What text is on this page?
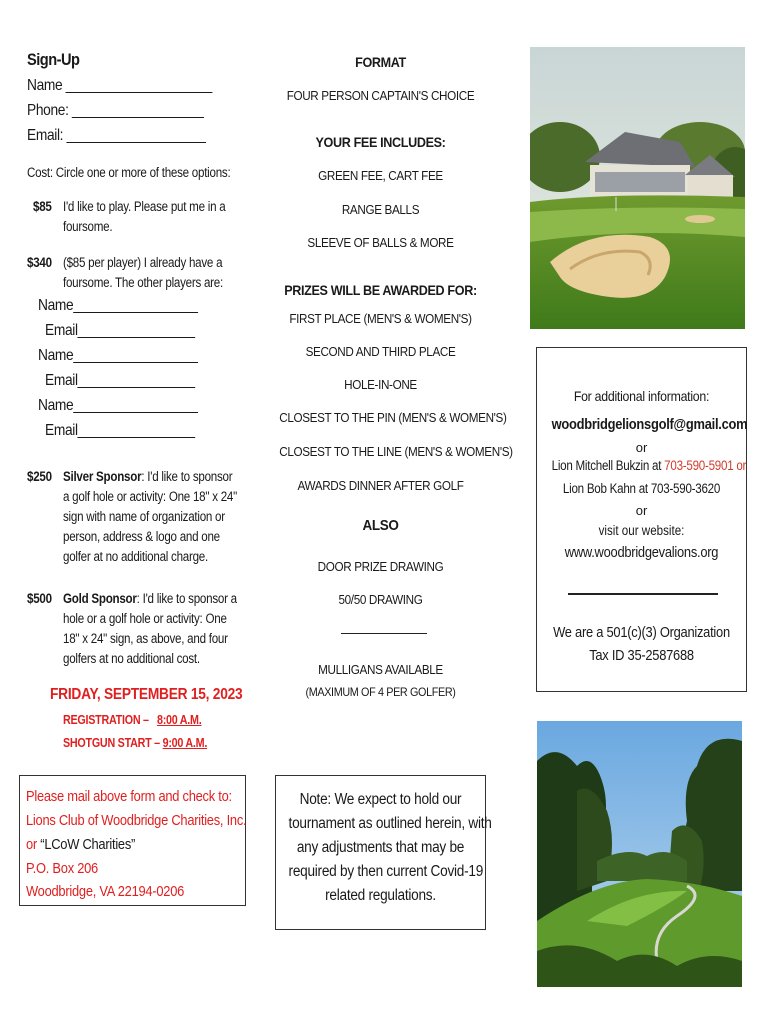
Sign-Up
Name ____________________
Phone: __________________
Email: ___________________
Cost: Circle one or more of these options:
$85 I'd like to play. Please put me in a
foursome.
$340 ($85 per player) I already have a
foursome. The other players are:
Name_________________
Email________________
Name_________________
Email________________
Name_________________
Email________________
$250 Silver Sponsor: I'd like to sponsor
a golf hole or activity: One 18" x 24"
sign with name of organization or
person, address & logo and one
golfer at no additional charge.
$500 Gold Sponsor: I'd like to sponsor a
hole or a golf hole or activity: One
18" x 24" sign, as above, and four
golfers at no additional cost.
FRIDAY, SEPTEMBER 15, 2023
REGISTRATION – 8:00 A.M.
SHOTGUN START – 9:00 A.M.
Please mail above form and check to:
Lions Club of Woodbridge Charities, Inc.
or “LCoW Charities”
P.O. Box 206
Woodbridge, VA 22194-0206
FORMAT
FOUR PERSON CAPTAIN'S CHOICE
YOUR FEE INCLUDES:
GREEN FEE, CART FEE
RANGE BALLS
SLEEVE OF BALLS & MORE
PRIZES WILL BE AWARDED FOR:
FIRST PLACE (MEN'S & WOMEN'S)
SECOND AND THIRD PLACE
HOLE-IN-ONE
CLOSEST TO THE PIN (MEN'S & WOMEN'S)
CLOSEST TO THE LINE (MEN'S & WOMEN'S)
AWARDS DINNER AFTER GOLF
ALSO
DOOR PRIZE DRAWING
50/50 DRAWING
MULLIGANS AVAILABLE
(MAXIMUM OF 4 PER GOLFER)
Note: We expect to hold our
tournament as outlined herein, with
any adjustments that may be
required by then current Covid-19
related regulations.
For additional information:
woodbridgelionsgolf@gmail.com
or
Lion Mitchell Bukzin at 703-590-5901 or
Lion Bob Kahn at 703-590-3620
or
visit our website:
www.woodbridgevalions.org
We are a 501(c)(3) Organization
Tax ID 35-2587688
